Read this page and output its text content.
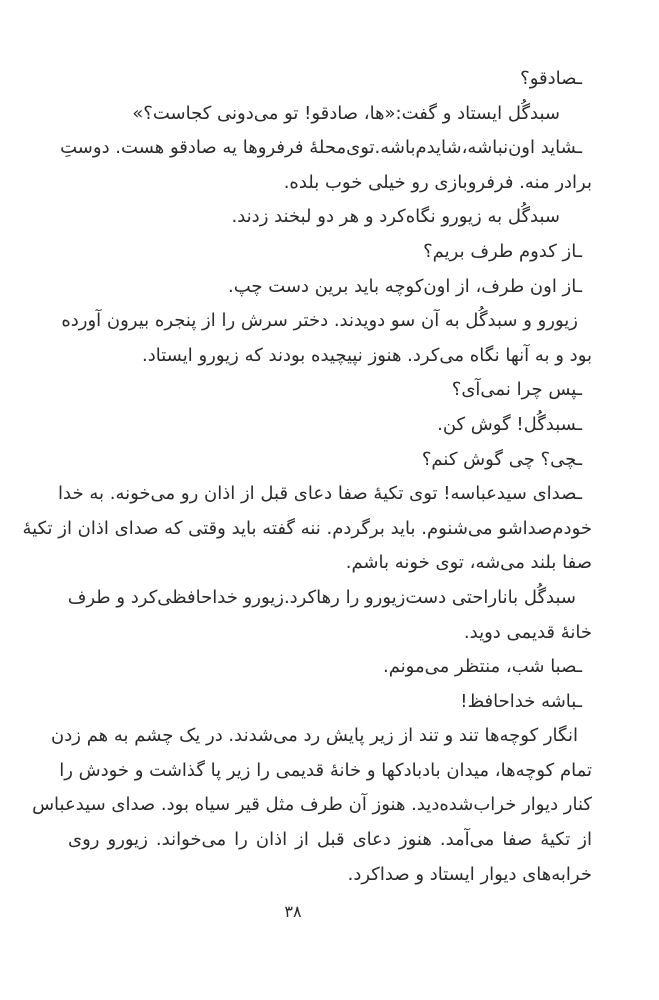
ـصادقو؟
سبدگُل ایستاد و گفت:«ها، صادقو! تو می‌دونی کجاست؟»
ـشاید اون‌نباشه،شایدم‌باشه.توی‌محلهٔ فرفروها یه صادقو هست. دوستِ
برادر منه. فرفروبازی رو خیلی خوب بلده.
سبدگُل به زیورو نگاه‌کرد و هر دو لبخند زدند.
ـاز کدوم طرف بریم؟
ـاز اون طرف، از اون‌کوچه باید برین دست چپ.
زیورو و سبدگُل به آن سو دویدند. دختر سرش را از پنجره بیرون آورده
بود و به آنها نگاه می‌کرد. هنوز نپیچیده بودند که زیورو ایستاد.
ـپس چرا نمی‌آی؟
ـسبدگُل! گوش کن.
ـچی؟ چی گوش کنم؟
ـصدای سیدعباسه! توی تکیهٔ صفا دعای قبل از اذان رو می‌خونه. به خدا
خودم‌صداشو می‌شنوم. باید برگردم. ننه گفته باید وقتی که صدای اذان از تکیهٔ
صفا بلند می‌شه، توی خونه باشم.
سبدگُل باناراحتی دست‌زیورو را رهاکرد.زیورو خداحافظی‌کرد و طرف
خانهٔ قدیمی دوید.
ـصبا شب، منتظر می‌مونم.
ـباشه خداحافظ!
انگار کوچه‌ها تند و تند از زیر پایش رد می‌شدند. در یک چشم به هم زدن
تمام کوچه‌ها، میدان بادبادکها و خانهٔ قدیمی را زیر پا گذاشت و خودش را
کنار دیوار خراب‌شده‌دید. هنوز آن طرف مثل قیر سیاه بود. صدای سیدعباس
از تکیهٔ صفا می‌آمد. هنوز دعای قبل از اذان را می‌خواند. زیورو روی
خرابه‌های دیوار ایستاد و صداکرد.
۳۸
